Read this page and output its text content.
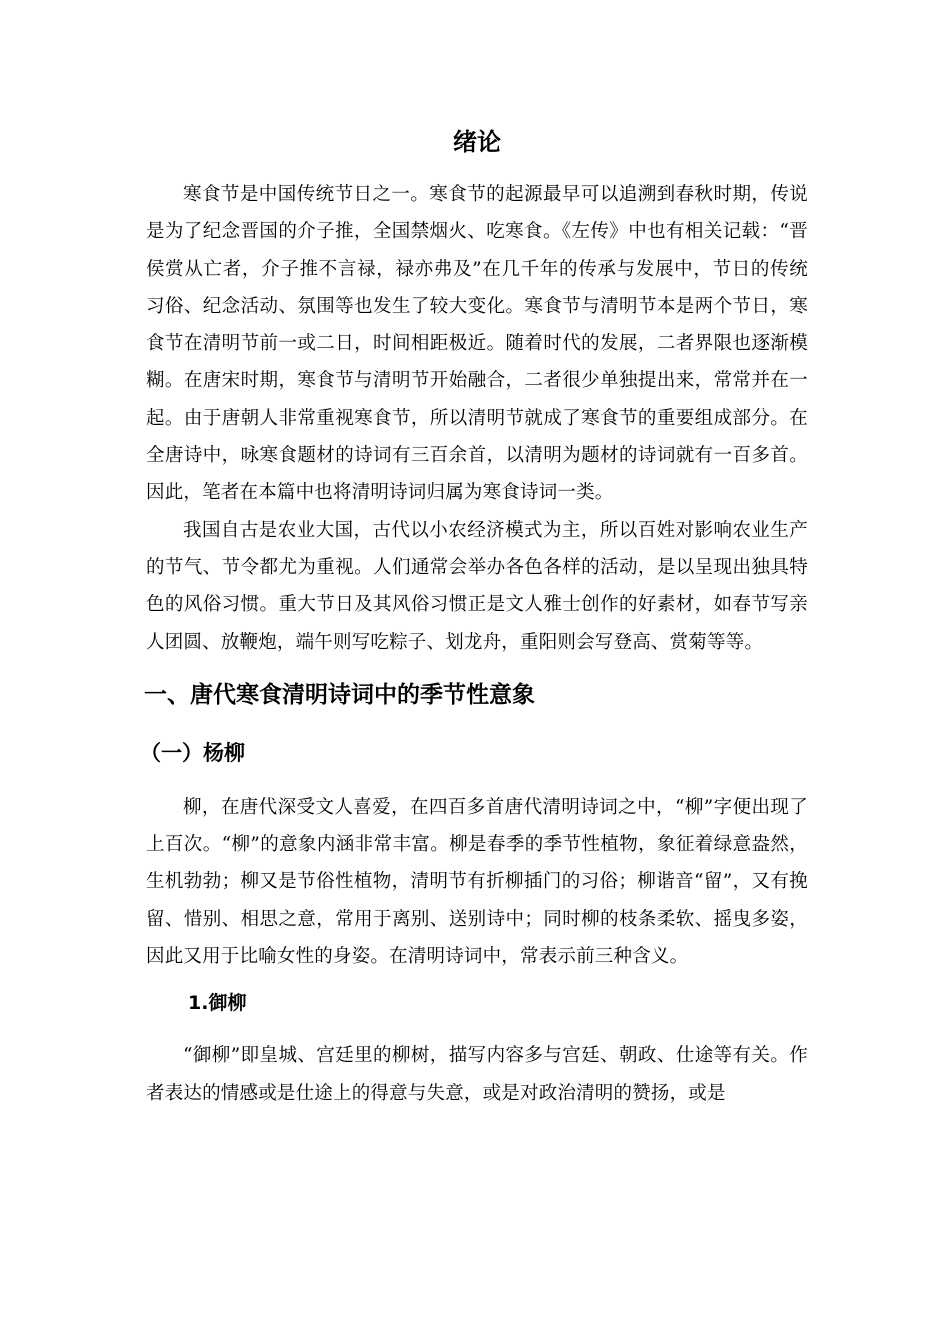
绪论

寒食节是中国传统节日之一。寒食节的起源最早可以追溯到春秋时期，传说是为了纪念晋国的介子推，全国禁烟火、吃寒食。《左传》中也有相关记载：“晋侯赏从亡者，介子推不言禄，禄亦弗及”在几千年的传承与发展中，节日的传统习俗、纪念活动、氛围等也发生了较大变化。寒食节与清明节本是两个节日，寒食节在清明节前一或二日，时间相距极近。随着时代的发展，二者界限也逐渐模糊。在唐宋时期，寒食节与清明节开始融合，二者很少单独提出来，常常并在一起。由于唐朝人非常重视寒食节，所以清明节就成了寒食节的重要组成部分。在全唐诗中，咏寒食题材的诗词有三百余首，以清明为题材的诗词就有一百多首。因此，笔者在本篇中也将清明诗词归属为寒食诗词一类。

我国自古是农业大国，古代以小农经济模式为主，所以百姓对影响农业生产的节气、节令都尤为重视。人们通常会举办各色各样的活动，是以呈现出独具特色的风俗习惯。重大节日及其风俗习惯正是文人雅士创作的好素材，如春节写亲人团圆、放鞭炮，端午则写吃粽子、划龙舟，重阳则会写登高、赏菊等等。

一、唐代寒食清明诗词中的季节性意象
（一）杨柳

柳，在唐代深受文人喜爱，在四百多首唐代清明诗词之中，“柳”字便出现了上百次。“柳”的意象内涵非常丰富。柳是春季的季节性植物，象征着绿意盎然，生机勃勃；柳又是节俗性植物，清明节有折柳插门的习俗；柳谐音“留”，又有挽留、惜别、相思之意，常用于离别、送别诗中；同时柳的枝条柔软、摇曳多姿，因此又用于比喻女性的身姿。在清明诗词中，常表示前三种含义。

1.御柳

“御柳”即皇城、宫廷里的柳树，描写内容多与宫廷、朝政、仕途等有关。作者表达的情感或是仕途上的得意与失意，或是对政治清明的赞扬，或是
